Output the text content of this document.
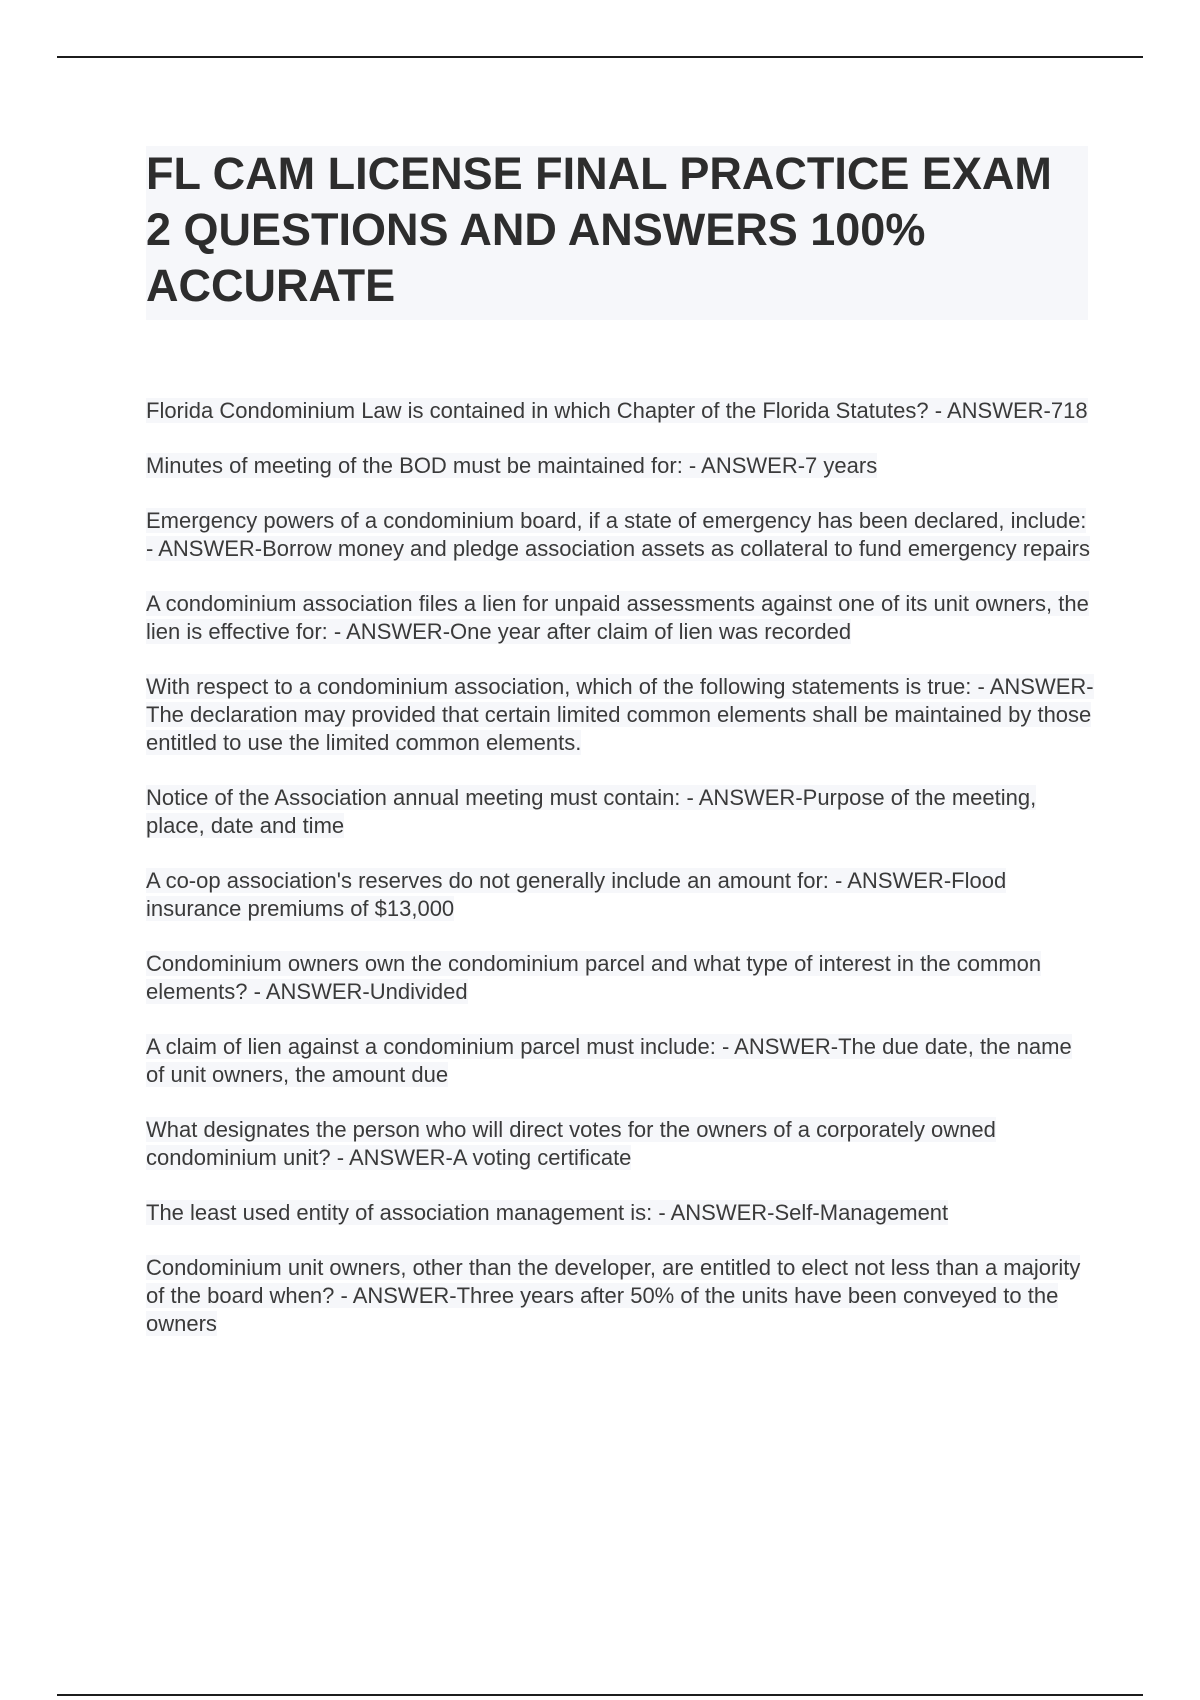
FL CAM LICENSE FINAL PRACTICE EXAM 2 QUESTIONS AND ANSWERS 100% ACCURATE

Florida Condominium Law is contained in which Chapter of the Florida Statutes? - ANSWER-718

Minutes of meeting of the BOD must be maintained for: - ANSWER-7 years

Emergency powers of a condominium board, if a state of emergency has been declared, include: - ANSWER-Borrow money and pledge association assets as collateral to fund emergency repairs

A condominium association files a lien for unpaid assessments against one of its unit owners, the lien is effective for: - ANSWER-One year after claim of lien was recorded

With respect to a condominium association, which of the following statements is true: - ANSWER-The declaration may provided that certain limited common elements shall be maintained by those entitled to use the limited common elements.

Notice of the Association annual meeting must contain: - ANSWER-Purpose of the meeting, place, date and time

A co-op association's reserves do not generally include an amount for: - ANSWER-Flood insurance premiums of $13,000

Condominium owners own the condominium parcel and what type of interest in the common elements? - ANSWER-Undivided

A claim of lien against a condominium parcel must include: - ANSWER-The due date, the name of unit owners, the amount due

What designates the person who will direct votes for the owners of a corporately owned condominium unit? - ANSWER-A voting certificate

The least used entity of association management is: - ANSWER-Self-Management

Condominium unit owners, other than the developer, are entitled to elect not less than a majority of the board when? - ANSWER-Three years after 50% of the units have been conveyed to the owners
